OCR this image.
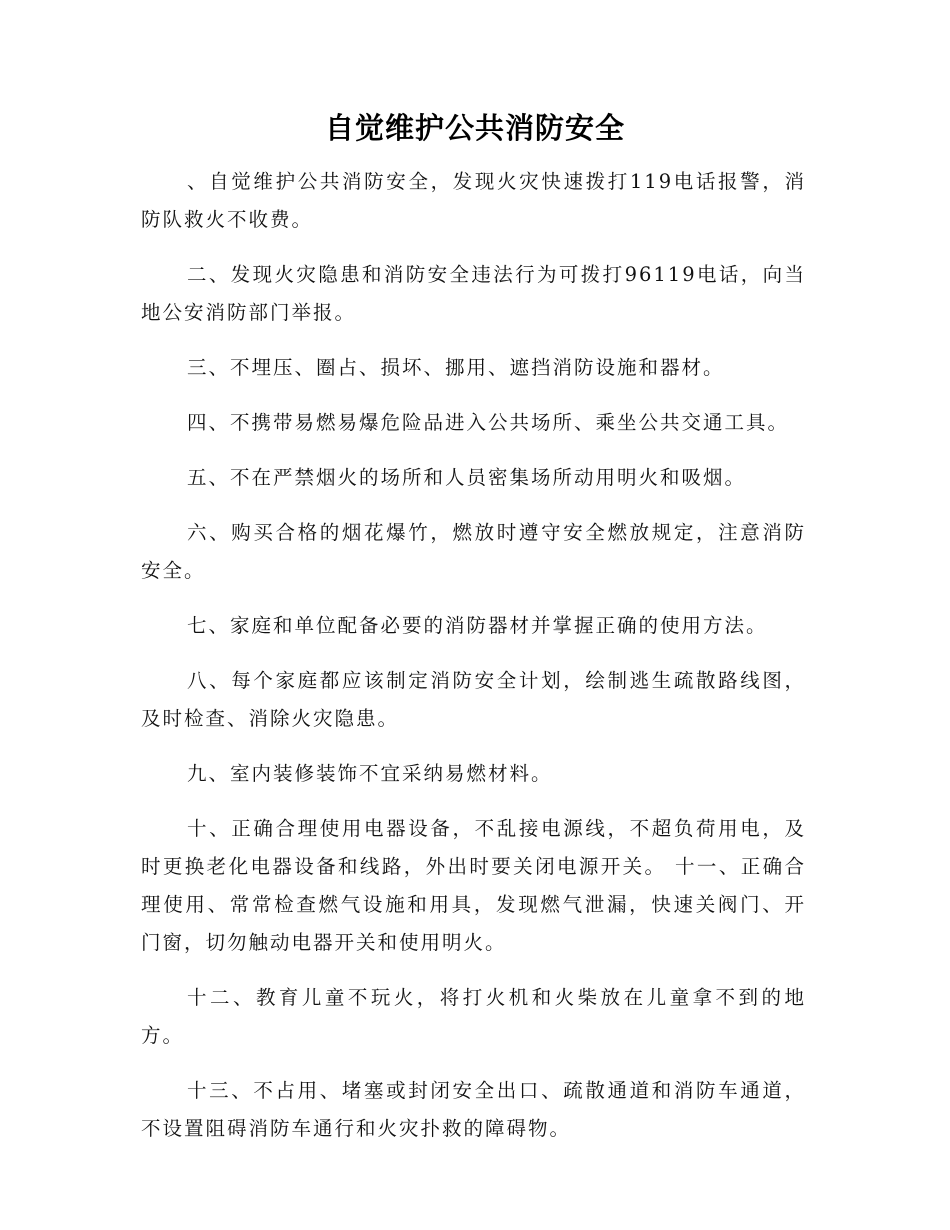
自觉维护公共消防安全

、自觉维护公共消防安全，发现火灾快速拨打119电话报警，消防队救火不收费。

二、发现火灾隐患和消防安全违法行为可拨打96119电话，向当地公安消防部门举报。

三、不埋压、圈占、损坏、挪用、遮挡消防设施和器材。

四、不携带易燃易爆危险品进入公共场所、乘坐公共交通工具。

五、不在严禁烟火的场所和人员密集场所动用明火和吸烟。

六、购买合格的烟花爆竹，燃放时遵守安全燃放规定，注意消防安全。

七、家庭和单位配备必要的消防器材并掌握正确的使用方法。

八、每个家庭都应该制定消防安全计划，绘制逃生疏散路线图，及时检查、消除火灾隐患。

九、室内装修装饰不宜采纳易燃材料。

十、正确合理使用电器设备，不乱接电源线，不超负荷用电，及时更换老化电器设备和线路，外出时要关闭电源开关。 十一、正确合理使用、常常检查燃气设施和用具，发现燃气泄漏，快速关阀门、开门窗，切勿触动电器开关和使用明火。

十二、教育儿童不玩火，将打火机和火柴放在儿童拿不到的地方。

十三、不占用、堵塞或封闭安全出口、疏散通道和消防车通道，不设置阻碍消防车通行和火灾扑救的障碍物。
